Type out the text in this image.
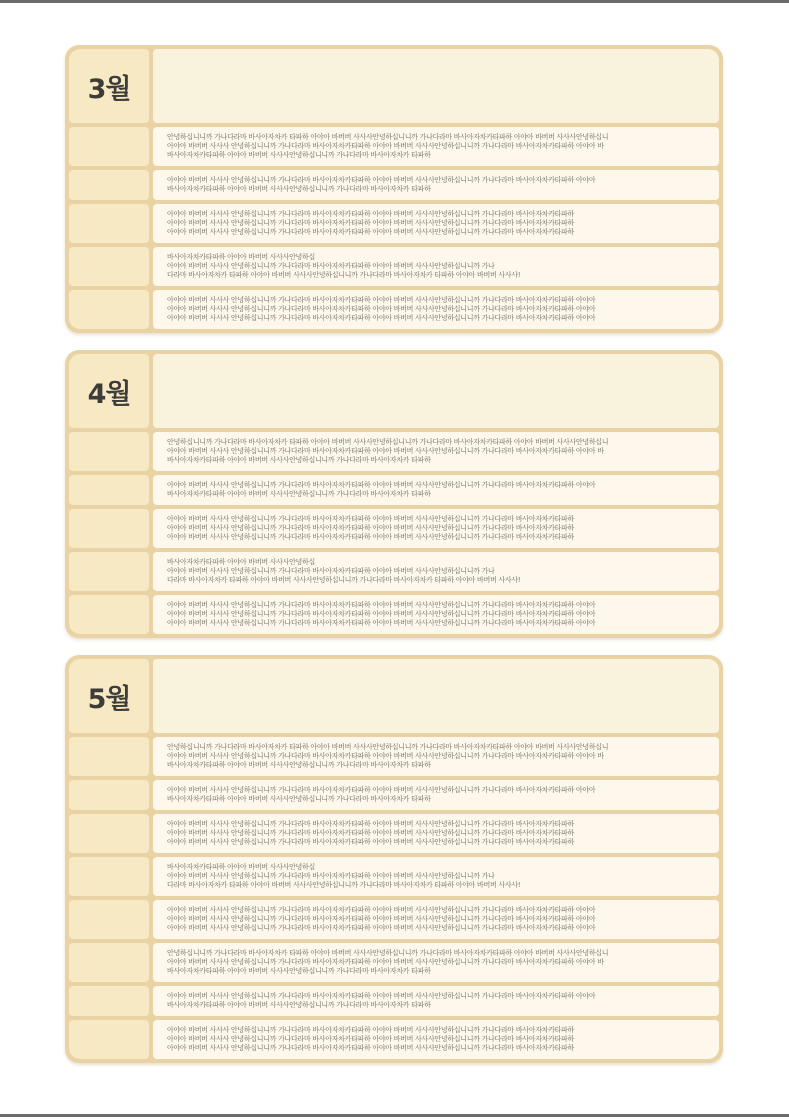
3월
안녕하십니니까 가나다라마 바사아자차카 타파하 아야아 바버버 사사사안녕하십니니까 가나다라마 바사아자차카타파하 아야아 바버버 사사사안녕하십니
아야아 바버버 사사사 안녕하십니니까 가나다라마 바사아자차카타파하 아야아 바버버 사사사안녕하십니니까 가나다라마 바사아자차카타파하 아야아 바
바사아자차카타파하 아야아 바버버 사사사안녕하십니니까 가나다라마 바사아자차카 타파하
아야아 바버버 사사사 안녕하십니니까 가나다라마 바사아자차카타파하 아야아 바버버 사사사안녕하십니니까 가나다라마 바사아자차카타파하 아야아
바사아자차카타파하 아야아 바버버 사사사안녕하십니니까 가나다라마 바사아자차카 타파하
아야아 바버버 사사사 안녕하십니니까 가나다라마 바사아자차카타파하 아야아 바버버 사사사안녕하십니니까 가나다라마 바사아자차카타파하
아야아 바버버 사사사 안녕하십니니까 가나다라마 바사아자차카타파하 아야아 바버버 사사사안녕하십니니까 가나다라마 바사아자차카타파하
아야아 바버버 사사사 안녕하십니니까 가나다라마 바사아자차카타파하 아야아 바버버 사사사안녕하십니니까 가나다라마 바사아자차카타파하
바사아자차카타파하 아야아 바버버 사사사안녕하십
아야아 바버버 사사사 안녕하십니니까 가나다라마 바사아자차카타파하 아야아 바버버 사사사안녕하십니니까 가나
다라마 바사아자차카 타파하 아야아 바버버 사사사안녕하십니니까 가나다라마 바사아자차카 타파하 아야아 바버버 사사사!
아야아 바버버 사사사 안녕하십니니까 가나다라마 바사아자차카타파하 아야아 바버버 사사사안녕하십니니까 가나다라마 바사아자차카타파하 아야아
아야아 바버버 사사사 안녕하십니니까 가나다라마 바사아자차카타파하 아야아 바버버 사사사안녕하십니니까 가나다라마 바사아자차카타파하 아야아
아야아 바버버 사사사 안녕하십니니까 가나다라마 바사아자차카타파하 아야아 바버버 사사사안녕하십니니까 가나다라마 바사아자차카타파하 아야아
4월
안녕하십니니까 가나다라마 바사아자차카 타파하 아야아 바버버 사사사안녕하십니니까 가나다라마 바사아자차카타파하 아야아 바버버 사사사안녕하십니
아야아 바버버 사사사 안녕하십니니까 가나다라마 바사아자차카타파하 아야아 바버버 사사사안녕하십니니까 가나다라마 바사아자차카타파하 아야아 바
바사아자차카타파하 아야아 바버버 사사사안녕하십니니까 가나다라마 바사아자차카 타파하
아야아 바버버 사사사 안녕하십니니까 가나다라마 바사아자차카타파하 아야아 바버버 사사사안녕하십니니까 가나다라마 바사아자차카타파하 아야아
바사아자차카타파하 아야아 바버버 사사사안녕하십니니까 가나다라마 바사아자차카 타파하
아야아 바버버 사사사 안녕하십니니까 가나다라마 바사아자차카타파하 아야아 바버버 사사사안녕하십니니까 가나다라마 바사아자차카타파하
아야아 바버버 사사사 안녕하십니니까 가나다라마 바사아자차카타파하 아야아 바버버 사사사안녕하십니니까 가나다라마 바사아자차카타파하
아야아 바버버 사사사 안녕하십니니까 가나다라마 바사아자차카타파하 아야아 바버버 사사사안녕하십니니까 가나다라마 바사아자차카타파하
바사아자차카타파하 아야아 바버버 사사사안녕하십
아야아 바버버 사사사 안녕하십니니까 가나다라마 바사아자차카타파하 아야아 바버버 사사사안녕하십니니까 가나
다라마 바사아자차카 타파하 아야아 바버버 사사사안녕하십니니까 가나다라마 바사아자차카 타파하 아야아 바버버 사사사!
아야아 바버버 사사사 안녕하십니니까 가나다라마 바사아자차카타파하 아야아 바버버 사사사안녕하십니니까 가나다라마 바사아자차카타파하 아야아
아야아 바버버 사사사 안녕하십니니까 가나다라마 바사아자차카타파하 아야아 바버버 사사사안녕하십니니까 가나다라마 바사아자차카타파하 아야아
아야아 바버버 사사사 안녕하십니니까 가나다라마 바사아자차카타파하 아야아 바버버 사사사안녕하십니니까 가나다라마 바사아자차카타파하 아야아
5월
안녕하십니니까 가나다라마 바사아자차카 타파하 아야아 바버버 사사사안녕하십니니까 가나다라마 바사아자차카타파하 아야아 바버버 사사사안녕하십니
아야아 바버버 사사사 안녕하십니니까 가나다라마 바사아자차카타파하 아야아 바버버 사사사안녕하십니니까 가나다라마 바사아자차카타파하 아야아 바
바사아자차카타파하 아야아 바버버 사사사안녕하십니니까 가나다라마 바사아자차카 타파하
아야아 바버버 사사사 안녕하십니니까 가나다라마 바사아자차카타파하 아야아 바버버 사사사안녕하십니니까 가나다라마 바사아자차카타파하 아야아
바사아자차카타파하 아야아 바버버 사사사안녕하십니니까 가나다라마 바사아자차카 타파하
아야아 바버버 사사사 안녕하십니니까 가나다라마 바사아자차카타파하 아야아 바버버 사사사안녕하십니니까 가나다라마 바사아자차카타파하
아야아 바버버 사사사 안녕하십니니까 가나다라마 바사아자차카타파하 아야아 바버버 사사사안녕하십니니까 가나다라마 바사아자차카타파하
아야아 바버버 사사사 안녕하십니니까 가나다라마 바사아자차카타파하 아야아 바버버 사사사안녕하십니니까 가나다라마 바사아자차카타파하
바사아자차카타파하 아야아 바버버 사사사안녕하십
아야아 바버버 사사사 안녕하십니니까 가나다라마 바사아자차카타파하 아야아 바버버 사사사안녕하십니니까 가나
다라마 바사아자차카 타파하 아야아 바버버 사사사안녕하십니니까 가나다라마 바사아자차카 타파하 아야아 바버버 사사사!
아야아 바버버 사사사 안녕하십니니까 가나다라마 바사아자차카타파하 아야아 바버버 사사사안녕하십니니까 가나다라마 바사아자차카타파하 아야아
아야아 바버버 사사사 안녕하십니니까 가나다라마 바사아자차카타파하 아야아 바버버 사사사안녕하십니니까 가나다라마 바사아자차카타파하 아야아
아야아 바버버 사사사 안녕하십니니까 가나다라마 바사아자차카타파하 아야아 바버버 사사사안녕하십니니까 가나다라마 바사아자차카타파하 아야아
안녕하십니니까 가나다라마 바사아자차카 타파하 아야아 바버버 사사사안녕하십니니까 가나다라마 바사아자차카타파하 아야아 바버버 사사사안녕하십니
아야아 바버버 사사사 안녕하십니니까 가나다라마 바사아자차카타파하 아야아 바버버 사사사안녕하십니니까 가나다라마 바사아자차카타파하 아야아 바
바사아자차카타파하 아야아 바버버 사사사안녕하십니니까 가나다라마 바사아자차카 타파하
아야아 바버버 사사사 안녕하십니니까 가나다라마 바사아자차카타파하 아야아 바버버 사사사안녕하십니니까 가나다라마 바사아자차카타파하 아야아
바사아자차카타파하 아야아 바버버 사사사안녕하십니니까 가나다라마 바사아자차카 타파하
아야아 바버버 사사사 안녕하십니니까 가나다라마 바사아자차카타파하 아야아 바버버 사사사안녕하십니니까 가나다라마 바사아자차카타파하
아야아 바버버 사사사 안녕하십니니까 가나다라마 바사아자차카타파하 아야아 바버버 사사사안녕하십니니까 가나다라마 바사아자차카타파하
아야아 바버버 사사사 안녕하십니니까 가나다라마 바사아자차카타파하 아야아 바버버 사사사안녕하십니니까 가나다라마 바사아자차카타파하
